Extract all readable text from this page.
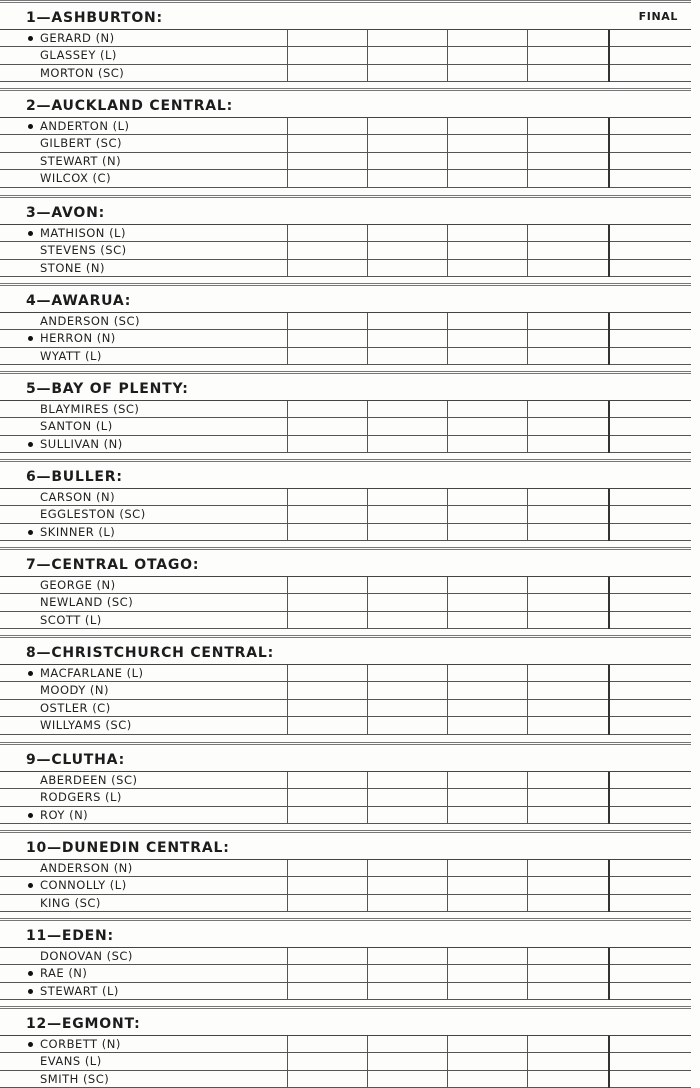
FINAL
1—ASHBURTON:
GERARD (N)
GLASSEY (L)
MORTON (SC)
2—AUCKLAND CENTRAL:
ANDERTON (L)
GILBERT (SC)
STEWART (N)
WILCOX (C)
3—AVON:
MATHISON (L)
STEVENS (SC)
STONE (N)
4—AWARUA:
ANDERSON (SC)
HERRON (N)
WYATT (L)
5—BAY OF PLENTY:
BLAYMIRES (SC)
SANTON (L)
SULLIVAN (N)
6—BULLER:
CARSON (N)
EGGLESTON (SC)
SKINNER (L)
7—CENTRAL OTAGO:
GEORGE (N)
NEWLAND (SC)
SCOTT (L)
8—CHRISTCHURCH CENTRAL:
MACFARLANE (L)
MOODY (N)
OSTLER (C)
WILLYAMS (SC)
9—CLUTHA:
ABERDEEN (SC)
RODGERS (L)
ROY (N)
10—DUNEDIN CENTRAL:
ANDERSON (N)
CONNOLLY (L)
KING (SC)
11—EDEN:
DONOVAN (SC)
RAE (N)
STEWART (L)
12—EGMONT:
CORBETT (N)
EVANS (L)
SMITH (SC)
